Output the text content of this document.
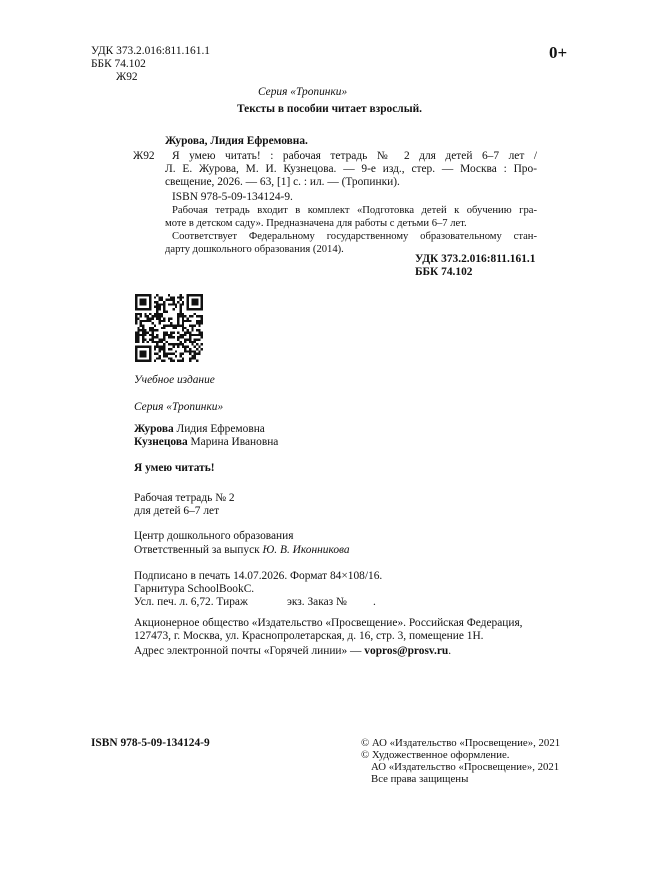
УДК 373.2.016:811.161.1
ББК 74.102
Ж92
0+
Серия «Тропинки»
Тексты в пособии читает взрослый.
Журова, Лидия Ефремовна.
Ж92 Я умею читать! : рабочая тетрадь № 2 для детей 6–7 лет /
Л. Е. Журова, М. И. Кузнецова. — 9-е изд., стер. — Москва : Про-
свещение, 2026. — 63, [1] с. : ил. — (Тропинки).
ISBN 978-5-09-134124-9.
Рабочая тетрадь входит в комплект «Подготовка детей к обучению гра-
моте в детском саду». Предназначена для работы с детьми 6–7 лет.
Соответствует Федеральному государственному образовательному стан-
дарту дошкольного образования (2014).
УДК 373.2.016:811.161.1
ББК 74.102
Учебное издание
Серия «Тропинки»
Журова Лидия Ефремовна
Кузнецова Марина Ивановна
Я умею читать!
Рабочая тетрадь № 2
для детей 6–7 лет
Центр дошкольного образования
Ответственный за выпуск Ю. В. Иконникова
Подписано в печать 14.07.2026. Формат 84×108/16.
Гарнитура SchoolBookC.
Усл. печ. л. 6,72. Тираж	экз. Заказ № .
Акционерное общество «Издательство «Просвещение». Российская Федерация,
127473, г. Москва, ул. Краснопролетарская, д. 16, стр. 3, помещение 1Н.
Адрес электронной почты «Горячей линии» — vopros@prosv.ru.
ISBN 978-5-09-134124-9	© АО «Издательство «Просвещение», 2021
© Художественное оформление.
АО «Издательство «Просвещение», 2021
Все права защищены
